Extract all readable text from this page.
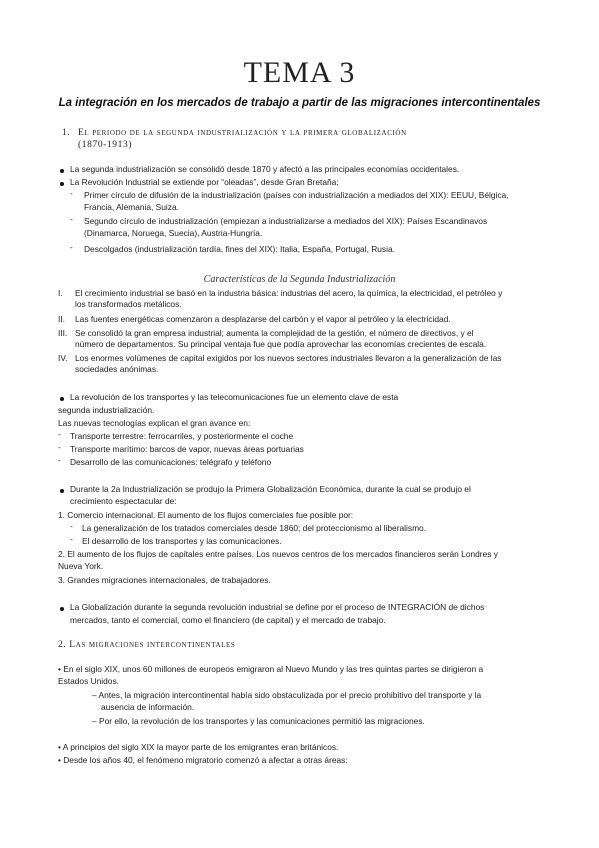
TEMA 3
La integración en los mercados de trabajo a partir de las migraciones intercontinentales
1. El periodo de la segunda industrialización y la primera globalización
(1870-1913)
La segunda industrialización se consolidó desde 1870 y afectó a las principales economías occidentales.
La Revolución Industrial se extiende por “oleadas”, desde Gran Bretaña;
- Primer círculo de difusión de la industrialización (países con industrialización a mediados del XIX): EEUU, Bélgica,
Francia, Alemania, Suiza.
- Segundo círculo de industrialización (empiezan a industrializarse a mediados del XIX): Países Escandinavos
(Dinamarca, Noruega, Suecia), Austria-Hungría.
- Descolgados (industrialización tardía, fines del XIX): Italia, España, Portugal, Rusia.
Características de la Segunda Industrialización
I. El crecimiento industrial se basó en la industria básica: industrias del acero, la química, la electricidad, el petróleo y
los transformados metálicos.
II. Las fuentes energéticas comenzaron a desplazarse del carbón y el vapor al petróleo y la electricidad.
III. Se consolidó la gran empresa industrial; aumenta la complejidad de la gestión, el número de directivos, y el
número de departamentos. Su principal ventaja fue que podía aprovechar las economías crecientes de escala.
IV. Los enormes volúmenes de capital exigidos por los nuevos sectores industriales llevaron a la generalización de las
sociedades anónimas.
La revolución de los transportes y las telecomunicaciones fue un elemento clave de esta
segunda industrialización.
Las nuevas tecnologías explican el gran avance en:
- Transporte terrestre: ferrocarriles, y posteriormente el coche
- Transporte marítimo: barcos de vapor, nuevas áreas portuarias
- Desarrollo de las comunicaciones: telégrafo y teléfono
Durante la 2a Industrialización se produjo la Primera Globalización Económica, durante la cual se produjo el
crecimiento espectacular de:
1. Comercio internacional. El aumento de los flujos comerciales fue posible por:
- La generalización de los tratados comerciales desde 1860; del proteccionismo al liberalismo.
- El desarrollo de los transportes y las comunicaciones.
2. El aumento de los flujos de capitales entre países. Los nuevos centros de los mercados financieros serán Londres y
Nueva York.
3. Grandes migraciones internacionales, de trabajadores.
La Globalización durante la segunda revolución industrial se define por el proceso de INTEGRACIÓN de dichos
mercados, tanto el comercial, como el financiero (de capital) y el mercado de trabajo.
2. Las migraciones intercontinentales
• En el siglo XIX, unos 60 millones de europeos emigraron al Nuevo Mundo y las tres quintas partes se dirigieron a
Estados Unidos.
– Antes, la migración intercontinental había sido obstaculizada por el precio prohibitivo del transporte y la
ausencia de información.
– Por ello, la revolución de los transportes y las comunicaciones permitió las migraciones.
• A principios del siglo XIX la mayor parte de los emigrantes eran británicos.
• Desde los años 40, el fenómeno migratorio comenzó a afectar a otras áreas:
